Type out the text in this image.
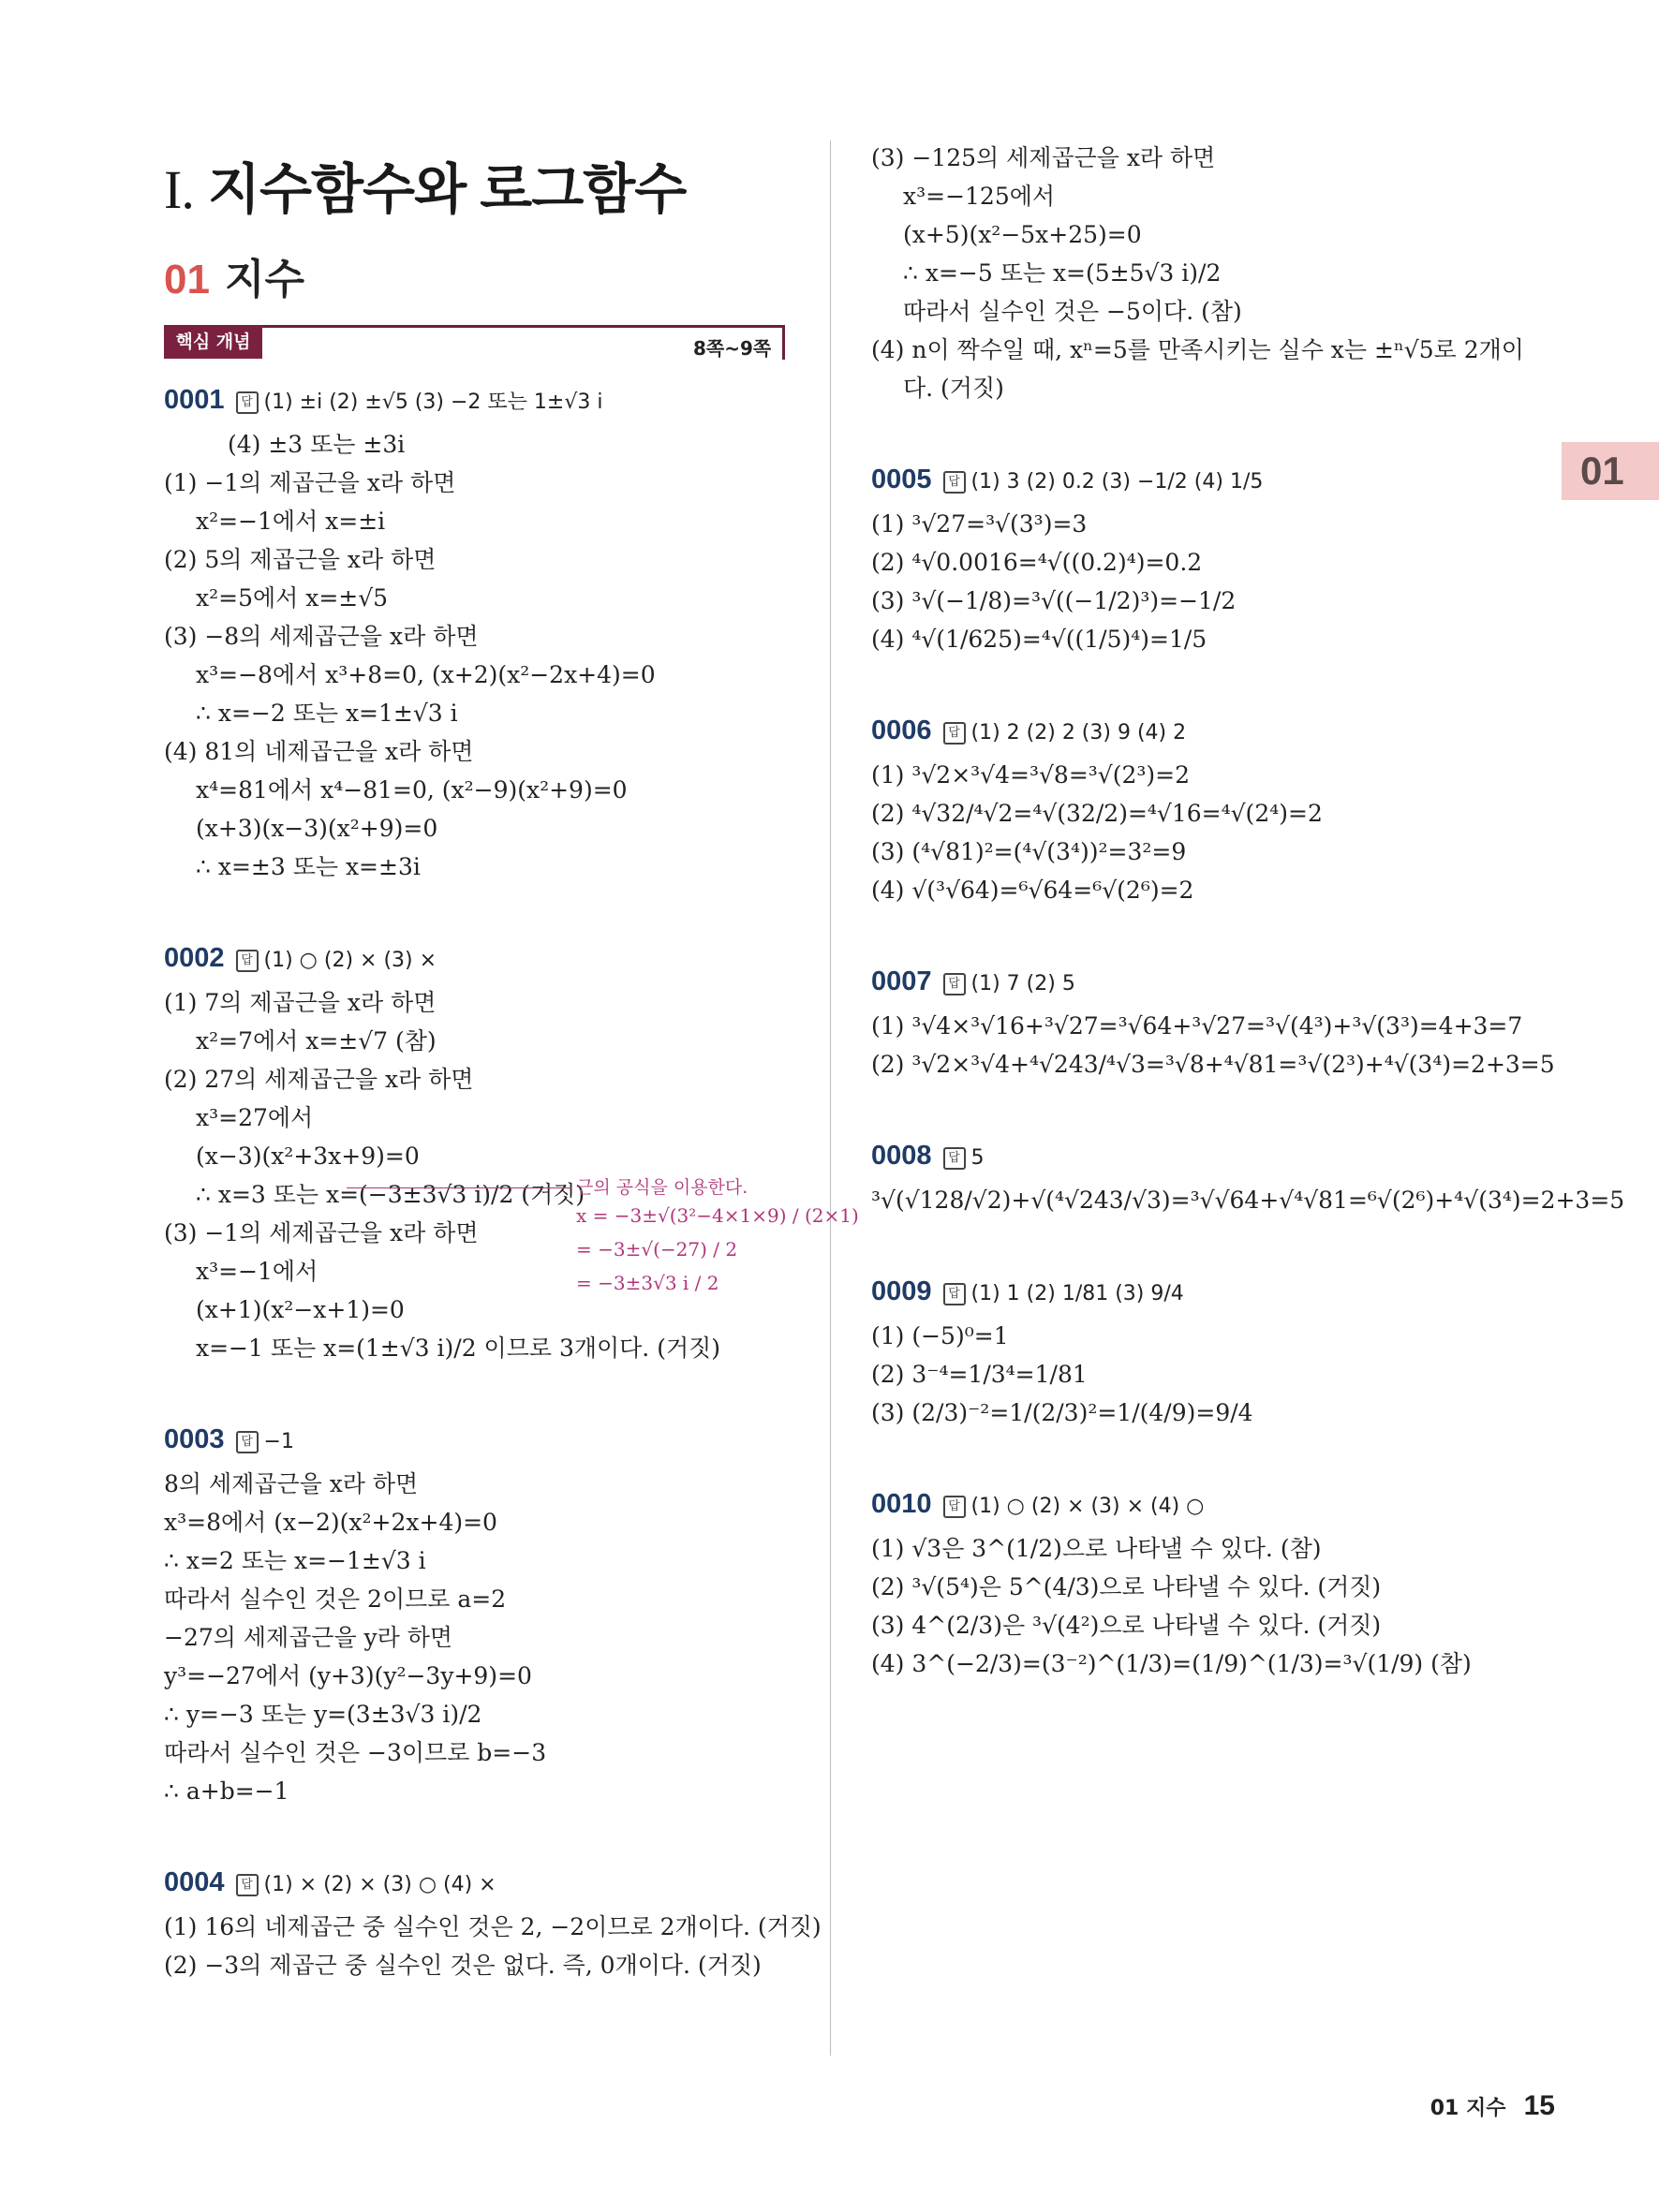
I. 지수함수와 로그함수
01 지수
핵심 개념	8쪽~9쪽
01
0001 답 (1) ±i (2) ±√5 (3) −2 또는 1±√3 i
(4) ±3 또는 ±3i
(1) −1의 제곱근을 x라 하면
x²=−1에서 x=±i
(2) 5의 제곱근을 x라 하면
x²=5에서 x=±√5
(3) −8의 세제곱근을 x라 하면
x³=−8에서 x³+8=0, (x+2)(x²−2x+4)=0
∴ x=−2 또는 x=1±√3 i
(4) 81의 네제곱근을 x라 하면
x⁴=81에서 x⁴−81=0, (x²−9)(x²+9)=0
(x+3)(x−3)(x²+9)=0
∴ x=±3 또는 x=±3i
0002 답 (1) ○ (2) × (3) ×
(1) 7의 제곱근을 x라 하면
x²=7에서 x=±√7 (참)
(2) 27의 세제곱근을 x라 하면
x³=27에서
(x−3)(x²+3x+9)=0
∴ x=3 또는 x=(−3±3√3 i)/2 (거짓)
(3) −1의 세제곱근을 x라 하면
x³=−1에서
(x+1)(x²−x+1)=0
x=−1 또는 x=(1±√3 i)/2 이므로 3개이다. (거짓)
0003 답 −1
8의 세제곱근을 x라 하면
x³=8에서 (x−2)(x²+2x+4)=0
∴ x=2 또는 x=−1±√3 i
따라서 실수인 것은 2이므로 a=2
−27의 세제곱근을 y라 하면
y³=−27에서 (y+3)(y²−3y+9)=0
∴ y=−3 또는 y=(3±3√3 i)/2
따라서 실수인 것은 −3이므로 b=−3
∴ a+b=−1
0004 답 (1) × (2) × (3) ○ (4) ×
(1) 16의 네제곱근 중 실수인 것은 2, −2이므로 2개이다. (거짓)
(2) −3의 제곱근 중 실수인 것은 없다. 즉, 0개이다. (거짓)
(3) −125의 세제곱근을 x라 하면
x³=−125에서
(x+5)(x²−5x+25)=0
∴ x=−5 또는 x=(5±5√3 i)/2
따라서 실수인 것은 −5이다. (참)
(4) n이 짝수일 때, xⁿ=5를 만족시키는 실수 x는 ±ⁿ√5로 2개이
다. (거짓)
0005 답 (1) 3 (2) 0.2 (3) −1/2 (4) 1/5
(1) ³√27=³√(3³)=3
(2) ⁴√0.0016=⁴√((0.2)⁴)=0.2
(3) ³√(−1/8)=³√((−1/2)³)=−1/2
(4) ⁴√(1/625)=⁴√((1/5)⁴)=1/5
0006 답 (1) 2 (2) 2 (3) 9 (4) 2
(1) ³√2×³√4=³√8=³√(2³)=2
(2) ⁴√32/⁴√2=⁴√(32/2)=⁴√16=⁴√(2⁴)=2
(3) (⁴√81)²=(⁴√(3⁴))²=3²=9
(4) √(³√64)=⁶√64=⁶√(2⁶)=2
0007 답 (1) 7 (2) 5
(1) ³√4×³√16+³√27=³√64+³√27=³√(4³)+³√(3³)=4+3=7
(2) ³√2×³√4+⁴√243/⁴√3=³√8+⁴√81=³√(2³)+⁴√(3⁴)=2+3=5
0008 답 5
³√(√128/√2)+√(⁴√243/√3)=³√√64+√⁴√81=⁶√(2⁶)+⁴√(3⁴)=2+3=5
0009 답 (1) 1 (2) 1/81 (3) 9/4
(1) (−5)⁰=1
(2) 3⁻⁴=1/3⁴=1/81
(3) (2/3)⁻²=1/(2/3)²=1/(4/9)=9/4
0010 답 (1) ○ (2) × (3) × (4) ○
(1) √3은 3^(1/2)으로 나타낼 수 있다. (참)
(2) ³√(5⁴)은 5^(4/3)으로 나타낼 수 있다. (거짓)
(3) 4^(2/3)은 ³√(4²)으로 나타낼 수 있다. (거짓)
(4) 3^(−2/3)=(3⁻²)^(1/3)=(1/9)^(1/3)=³√(1/9) (참)
근의 공식을 이용한다.
x = −3±√(3²−4×1×9) / (2×1)
= −3±√(−27) / 2
= −3±3√3 i / 2
01 지수 15
